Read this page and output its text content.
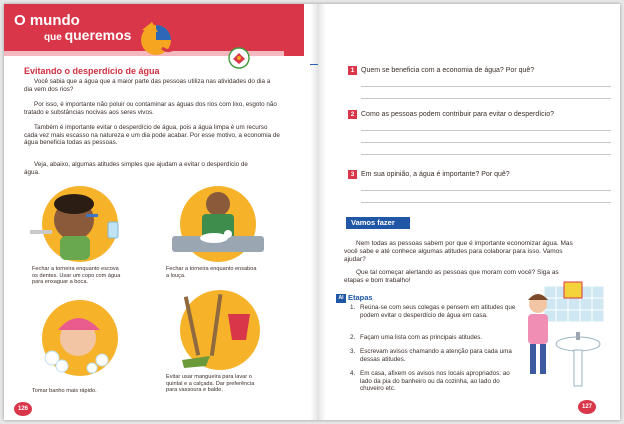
O mundo
que queremos
Evitando o desperdício de água

Você sabia que a água que a maior parte das pessoas utiliza nas atividades do dia a dia vem dos rios?

Por isso, é importante não poluir ou contaminar as águas dos rios com lixo, esgoto não tratado e substâncias nocivas aos seres vivos.

Também é importante evitar o desperdício de água, pois a água limpa é um recurso cada vez mais escasso na natureza e um dia pode acabar. Por esse motivo, a economia de água beneficia todas as pessoas.

Veja, abaixo, algumas atitudes simples que ajudam a evitar o desperdício de água.

Fechar a torneira enquanto escova os dentes. Usar um copo com água para enxaguar a boca.
Fechar a torneira enquanto ensaboa a louça.
Tomar banho mais rápido.
Evitar usar mangueira para lavar o quintal e a calçada. Dar preferência para vassoura e balde.
126
1 Quem se beneficia com a economia de água? Por quê?
2 Como as pessoas podem contribuir para evitar o desperdício?
3 Em sua opinião, a água é importante? Por quê?
Vamos fazer

Nem todas as pessoas sabem por que é importante economizar água. Mas você sabe e até conhece algumas atitudes para colaborar para isso. Vamos ajudar?

Que tal começar alertando as pessoas que moram com você? Siga as etapas e bom trabalho!

AI Etapas
1. Reúna-se com seus colegas e pensem em atitudes que podem evitar o desperdício de água em casa.
2. Façam uma lista com as principais atitudes.
3. Escrevam avisos chamando a atenção para cada uma dessas atitudes.
4. Em casa, afixem os avisos nos locais apropriados: ao lado da pia do banheiro ou da cozinha, ao lado do chuveiro etc.
127
